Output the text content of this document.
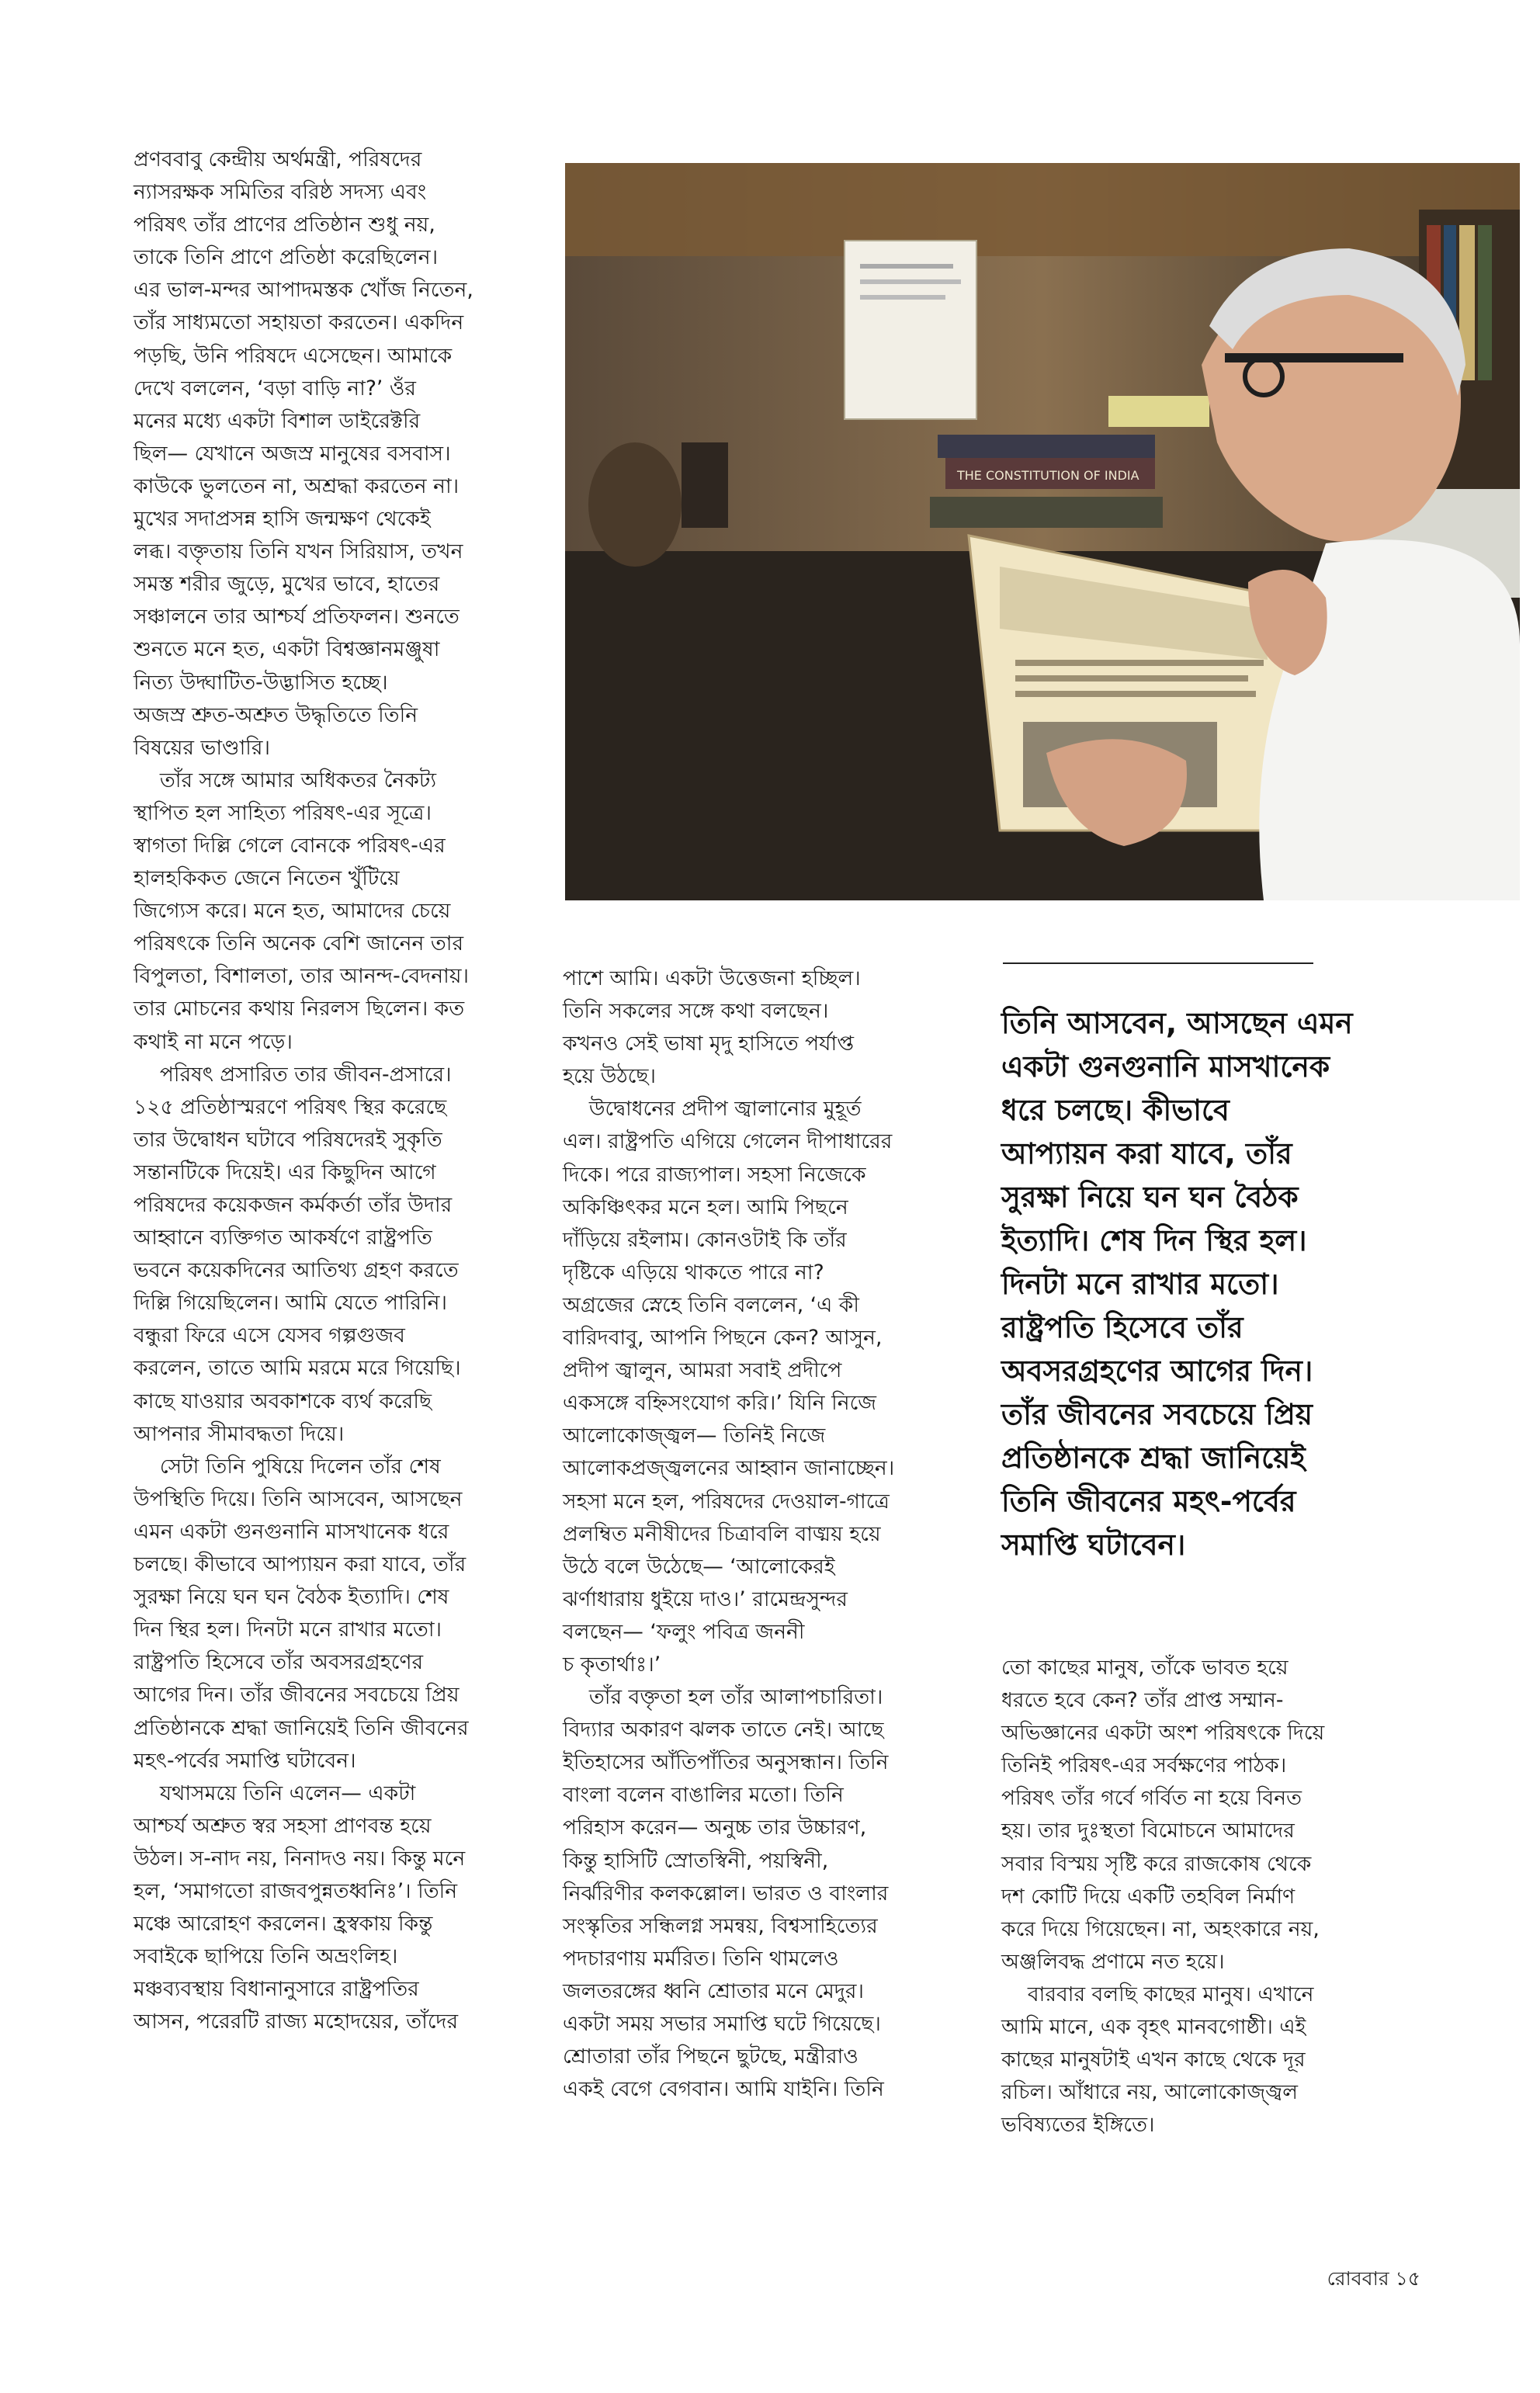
প্রণববাবু কেন্দ্রীয় অর্থমন্ত্রী, পরিষদের

ন্যাসরক্ষক সমিতির বরিষ্ঠ সদস্য এবং

পরিষৎ তাঁর প্রাণের প্রতিষ্ঠান শুধু নয়,

তাকে তিনি প্রাণে প্রতিষ্ঠা করেছিলেন।

এর ভাল-মন্দর আপাদমস্তক খোঁজ নিতেন,

তাঁর সাধ্যমতো সহায়তা করতেন। একদিন

পড়ছি, উনি পরিষদে এসেছেন। আমাকে

দেখে বললেন, ‘বড়া বাড়ি না?’ ওঁর

মনের মধ্যে একটা বিশাল ডাইরেক্টরি

ছিল— যেখানে অজস্র মানুষের বসবাস।

কাউকে ভুলতেন না, অশ্রদ্ধা করতেন না।

মুখের সদাপ্রসন্ন হাসি জন্মক্ষণ থেকেই

লব্ধ। বক্তৃতায় তিনি যখন সিরিয়াস, তখন

সমস্ত শরীর জুড়ে, মুখের ভাবে, হাতের

সঞ্চালনে তার আশ্চর্য প্রতিফলন। শুনতে

শুনতে মনে হত, একটা বিশ্বজ্ঞানমঞ্জুষা

নিত্য উদ্ঘাটিত-উদ্ভাসিত হচ্ছে।

অজস্র শ্রুত-অশ্রুত উদ্ধৃতিতে তিনি

বিষয়ের ভাণ্ডারি।

তাঁর সঙ্গে আমার অধিকতর নৈকট্য

স্থাপিত হল সাহিত্য পরিষৎ-এর সূত্রে।

স্বাগতা দিল্লি গেলে বোনকে পরিষৎ-এর

হালহকিকত জেনে নিতেন খুঁটিয়ে

জিগ্যেস করে। মনে হত, আমাদের চেয়ে

পরিষৎকে তিনি অনেক বেশি জানেন তার

বিপুলতা, বিশালতা, তার আনন্দ-বেদনায়।

তার মোচনের কথায় নিরলস ছিলেন। কত

কথাই না মনে পড়ে।

পরিষৎ প্রসারিত তার জীবন-প্রসারে।

১২৫ প্রতিষ্ঠাস্মরণে পরিষৎ স্থির করেছে

তার উদ্বোধন ঘটাবে পরিষদেরই সুকৃতি

সন্তানটিকে দিয়েই। এর কিছুদিন আগে

পরিষদের কয়েকজন কর্মকর্তা তাঁর উদার

আহ্বানে ব্যক্তিগত আকর্ষণে রাষ্ট্রপতি

ভবনে কয়েকদিনের আতিথ্য গ্রহণ করতে

দিল্লি গিয়েছিলেন। আমি যেতে পারিনি।

বন্ধুরা ফিরে এসে যেসব গল্পগুজব

করলেন, তাতে আমি মরমে মরে গিয়েছি।

কাছে যাওয়ার অবকাশকে ব্যর্থ করেছি

আপনার সীমাবদ্ধতা দিয়ে।

সেটা তিনি পুষিয়ে দিলেন তাঁর শেষ

উপস্থিতি দিয়ে। তিনি আসবেন, আসছেন

এমন একটা গুনগুনানি মাসখানেক ধরে

চলছে। কীভাবে আপ্যায়ন করা যাবে, তাঁর

সুরক্ষা নিয়ে ঘন ঘন বৈঠক ইত্যাদি। শেষ

দিন স্থির হল। দিনটা মনে রাখার মতো।

রাষ্ট্রপতি হিসেবে তাঁর অবসরগ্রহণের

আগের দিন। তাঁর জীবনের সবচেয়ে প্রিয়

প্রতিষ্ঠানকে শ্রদ্ধা জানিয়েই তিনি জীবনের

মহৎ-পর্বের সমাপ্তি ঘটাবেন।

যথাসময়ে তিনি এলেন— একটা

আশ্চর্য অশ্রুত স্বর সহসা প্রাণবন্ত হয়ে

উঠল। স-নাদ নয়, নিনাদও নয়। কিন্তু মনে

হল, ‘সমাগতো রাজবপুন্নতধ্বনিঃ’। তিনি

মঞ্চে আরোহণ করলেন। হ্রস্বকায় কিন্তু

সবাইকে ছাপিয়ে তিনি অভ্রংলিহ।

মঞ্চব্যবস্থায় বিধানানুসারে রাষ্ট্রপতির

আসন, পরেরটি রাজ্য মহোদয়ের, তাঁদের

THE CONSTITUTION OF INDIA

পাশে আমি। একটা উত্তেজনা হচ্ছিল।

তিনি সকলের সঙ্গে কথা বলছেন।

কখনও সেই ভাষা মৃদু হাসিতে পর্যাপ্ত

হয়ে উঠছে।

উদ্বোধনের প্রদীপ জ্বালানোর মুহূর্ত

এল। রাষ্ট্রপতি এগিয়ে গেলেন দীপাধারের

দিকে। পরে রাজ্যপাল। সহসা নিজেকে

অকিঞ্চিৎকর মনে হল। আমি পিছনে

দাঁড়িয়ে রইলাম। কোনওটাই কি তাঁর

দৃষ্টিকে এড়িয়ে থাকতে পারে না?

অগ্রজের স্নেহে তিনি বললেন, ‘এ কী

বারিদবাবু, আপনি পিছনে কেন? আসুন,

প্রদীপ জ্বালুন, আমরা সবাই প্রদীপে

একসঙ্গে বহ্নিসংযোগ করি।’ যিনি নিজে

আলোকোজ্জ্বল— তিনিই নিজে

আলোকপ্রজ্জ্বলনের আহ্বান জানাচ্ছেন।

সহসা মনে হল, পরিষদের দেওয়াল-গাত্রে

প্রলম্বিত মনীষীদের চিত্রাবলি বাঙ্ময় হয়ে

উঠে বলে উঠেছে— ‘আলোকেরই

ঝর্ণাধারায় ধুইয়ে দাও।’ রামেন্দ্রসুন্দর

বলছেন— ‘ফলুং পবিত্র জননী

চ কৃতার্থাঃ।’

তাঁর বক্তৃতা হল তাঁর আলাপচারিতা।

বিদ্যার অকারণ ঝলক তাতে নেই। আছে

ইতিহাসের আঁতিপাঁতির অনুসন্ধান। তিনি

বাংলা বলেন বাঙালির মতো। তিনি

পরিহাস করেন— অনুচ্চ তার উচ্চারণ,

কিন্তু হাসিটি স্রোতস্বিনী, পয়স্বিনী,

নির্ঝরিণীর কলকল্লোল। ভারত ও বাংলার

সংস্কৃতির সন্ধিলগ্ন সমন্বয়, বিশ্বসাহিত্যের

পদচারণায় মর্মরিত। তিনি থামলেও

জলতরঙ্গের ধ্বনি শ্রোতার মনে মেদুর।

একটা সময় সভার সমাপ্তি ঘটে গিয়েছে।

শ্রোতারা তাঁর পিছনে ছুটছে, মন্ত্রীরাও

একই বেগে বেগবান। আমি যাইনি। তিনি

তিনি আসবেন, আসছেন এমন

একটা গুনগুনানি মাসখানেক

ধরে চলছে। কীভাবে

আপ্যায়ন করা যাবে, তাঁর

সুরক্ষা নিয়ে ঘন ঘন বৈঠক

ইত্যাদি। শেষ দিন স্থির হল।

দিনটা মনে রাখার মতো।

রাষ্ট্রপতি হিসেবে তাঁর

অবসরগ্রহণের আগের দিন।

তাঁর জীবনের সবচেয়ে প্রিয়

প্রতিষ্ঠানকে শ্রদ্ধা জানিয়েই

তিনি জীবনের মহৎ-পর্বের

সমাপ্তি ঘটাবেন।

তো কাছের মানুষ, তাঁকে ভাবত হয়ে

ধরতে হবে কেন? তাঁর প্রাপ্ত সম্মান-

অভিজ্ঞানের একটা অংশ পরিষৎকে দিয়ে

তিনিই পরিষৎ-এর সর্বক্ষণের পাঠক।

পরিষৎ তাঁর গর্বে গর্বিত না হয়ে বিনত

হয়। তার দুঃস্থতা বিমোচনে আমাদের

সবার বিস্ময় সৃষ্টি করে রাজকোষ থেকে

দশ কোটি দিয়ে একটি তহবিল নির্মাণ

করে দিয়ে গিয়েছেন। না, অহংকারে নয়,

অঞ্জলিবদ্ধ প্রণামে নত হয়ে।

বারবার বলছি কাছের মানুষ। এখানে

আমি মানে, এক বৃহৎ মানবগোষ্ঠী। এই

কাছের মানুষটাই এখন কাছে থেকে দূর

রচিল। আঁধারে নয়, আলোকোজ্জ্বল

ভবিষ্যতের ইঙ্গিতে।

রোববার ১৫
